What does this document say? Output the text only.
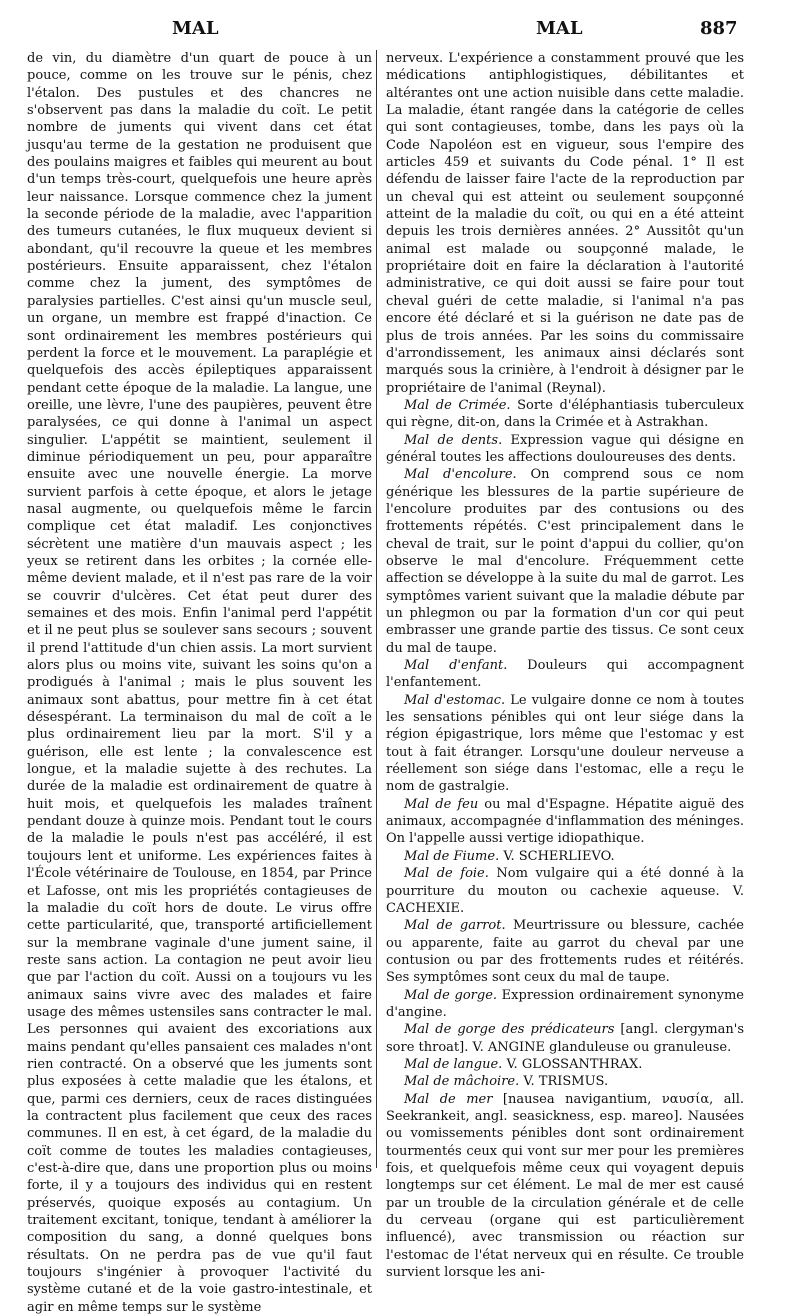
MAL	MAL	887

de vin, du diamètre d'un quart de pouce à un pouce, comme on les trouve sur le pénis, chez l'étalon. Des pustules et des chancres ne s'observent pas dans la maladie du coït. Le petit nombre de juments qui vivent dans cet état jusqu'au terme de la gestation ne produisent que des poulains maigres et faibles qui meurent au bout d'un temps très-court, quelquefois une heure après leur naissance. Lorsque commence chez la jument la seconde période de la maladie, avec l'apparition des tumeurs cutanées, le flux muqueux devient si abondant, qu'il recouvre la queue et les membres postérieurs. Ensuite apparaissent, chez l'étalon comme chez la jument, des symptômes de paralysies partielles. C'est ainsi qu'un muscle seul, un organe, un membre est frappé d'inaction. Ce sont ordinairement les membres postérieurs qui perdent la force et le mouvement. La paraplégie et quelquefois des accès épileptiques apparaissent pendant cette époque de la maladie. La langue, une oreille, une lèvre, l'une des paupières, peuvent être paralysées, ce qui donne à l'animal un aspect singulier. L'appétit se maintient, seulement il diminue périodiquement un peu, pour apparaître ensuite avec une nouvelle énergie. La morve survient parfois à cette époque, et alors le jetage nasal augmente, ou quelquefois même le farcin complique cet état maladif. Les conjonctives sécrètent une matière d'un mauvais aspect ; les yeux se retirent dans les orbites ; la cornée elle-même devient malade, et il n'est pas rare de la voir se couvrir d'ulcères. Cet état peut durer des semaines et des mois. Enfin l'animal perd l'appétit et il ne peut plus se soulever sans secours ; souvent il prend l'attitude d'un chien assis. La mort survient alors plus ou moins vite, suivant les soins qu'on a prodigués à l'animal ; mais le plus souvent les animaux sont abattus, pour mettre fin à cet état désespérant. La terminaison du mal de coït a le plus ordinairement lieu par la mort. S'il y a guérison, elle est lente ; la convalescence est longue, et la maladie sujette à des rechutes. La durée de la maladie est ordinairement de quatre à huit mois, et quelquefois les malades traînent pendant douze à quinze mois. Pendant tout le cours de la maladie le pouls n'est pas accéléré, il est toujours lent et uniforme. Les expériences faites à l'École vétérinaire de Toulouse, en 1854, par Prince et Lafosse, ont mis les propriétés contagieuses de la maladie du coït hors de doute. Le virus offre cette particularité, que, transporté artificiellement sur la membrane vaginale d'une jument saine, il reste sans action. La contagion ne peut avoir lieu que par l'action du coït. Aussi on a toujours vu les animaux sains vivre avec des malades et faire usage des mêmes ustensiles sans contracter le mal. Les personnes qui avaient des excoriations aux mains pendant qu'elles pansaient ces malades n'ont rien contracté. On a observé que les juments sont plus exposées à cette maladie que les étalons, et que, parmi ces derniers, ceux de races distinguées la contractent plus facilement que ceux des races communes. Il en est, à cet égard, de la maladie du coït comme de toutes les maladies contagieuses, c'est-à-dire que, dans une proportion plus ou moins forte, il y a toujours des individus qui en restent préservés, quoique exposés au contagium. Un traitement excitant, tonique, tendant à améliorer la composition du sang, a donné quelques bons résultats. On ne perdra pas de vue qu'il faut toujours s'ingénier à provoquer l'activité du système cutané et de la voie gastro-intestinale, et agir en même temps sur le système

nerveux. L'expérience a constamment prouvé que les médications antiphlogistiques, débilitantes et altérantes ont une action nuisible dans cette maladie. La maladie, étant rangée dans la catégorie de celles qui sont contagieuses, tombe, dans les pays où la Code Napoléon est en vigueur, sous l'empire des articles 459 et suivants du Code pénal. 1° Il est défendu de laisser faire l'acte de la reproduction par un cheval qui est atteint ou seulement soupçonné atteint de la maladie du coït, ou qui en a été atteint depuis les trois dernières années. 2° Aussitôt qu'un animal est malade ou soupçonné malade, le propriétaire doit en faire la déclaration à l'autorité administrative, ce qui doit aussi se faire pour tout cheval guéri de cette maladie, si l'animal n'a pas encore été déclaré et si la guérison ne date pas de plus de trois années. Par les soins du commissaire d'arrondissement, les animaux ainsi déclarés sont marqués sous la crinière, à l'endroit à désigner par le propriétaire de l'animal (Reynal).

Mal de Crimée. Sorte d'éléphantiasis tuberculeux qui règne, dit-on, dans la Crimée et à Astrakhan.

Mal de dents. Expression vague qui désigne en général toutes les affections douloureuses des dents.

Mal d'encolure. On comprend sous ce nom générique les blessures de la partie supérieure de l'encolure produites par des contusions ou des frottements répétés. C'est principalement dans le cheval de trait, sur le point d'appui du collier, qu'on observe le mal d'encolure. Fréquemment cette affection se développe à la suite du mal de garrot. Les symptômes varient suivant que la maladie débute par un phlegmon ou par la formation d'un cor qui peut embrasser une grande partie des tissus. Ce sont ceux du mal de taupe.

Mal d'enfant. Douleurs qui accompagnent l'enfantement.

Mal d'estomac. Le vulgaire donne ce nom à toutes les sensations pénibles qui ont leur siége dans la région épigastrique, lors même que l'estomac y est tout à fait étranger. Lorsqu'une douleur nerveuse a réellement son siége dans l'estomac, elle a reçu le nom de gastralgie.

Mal de feu ou mal d'Espagne. Hépatite aiguë des animaux, accompagnée d'inflammation des méninges. On l'appelle aussi vertige idiopathique.

Mal de Fiume. V. SCHERLIEVO.

Mal de foie. Nom vulgaire qui a été donné à la pourriture du mouton ou cachexie aqueuse. V. CACHEXIE.

Mal de garrot. Meurtrissure ou blessure, cachée ou apparente, faite au garrot du cheval par une contusion ou par des frottements rudes et réitérés. Ses symptômes sont ceux du mal de taupe.

Mal de gorge. Expression ordinairement synonyme d'angine.

Mal de gorge des prédicateurs [angl. clergyman's sore throat]. V. ANGINE glanduleuse ou granuleuse.

Mal de langue. V. GLOSSANTHRAX.

Mal de mâchoire. V. TRISMUS.

Mal de mer [nausea navigantium, ναυσία, all. Seekrankeit, angl. seasickness, esp. mareo]. Nausées ou vomissements pénibles dont sont ordinairement tourmentés ceux qui vont sur mer pour les premières fois, et quelquefois même ceux qui voyagent depuis longtemps sur cet élément. Le mal de mer est causé par un trouble de la circulation générale et de celle du cerveau (organe qui est particulièrement influencé), avec transmission ou réaction sur l'estomac de l'état nerveux qui en résulte. Ce trouble survient lorsque les ani-
